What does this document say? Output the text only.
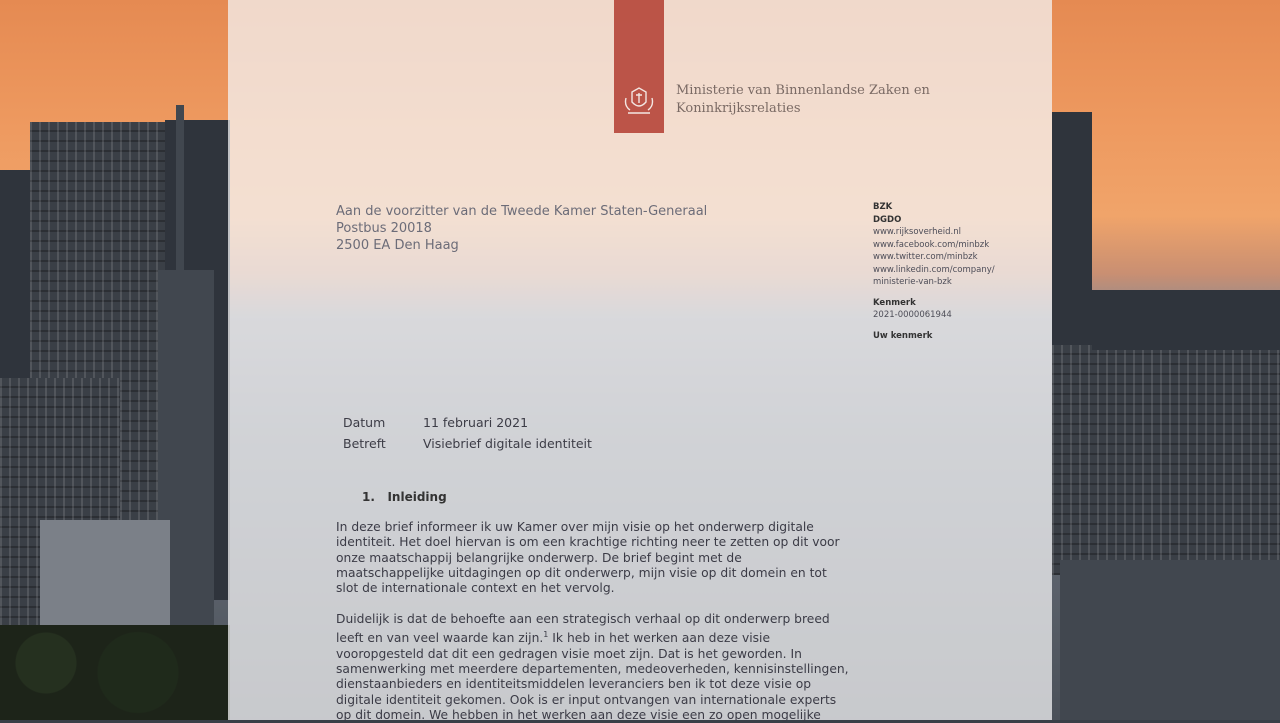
Ministerie van Binnenlandse Zaken en
Koninkrijksrelaties
Aan de voorzitter van de Tweede Kamer Staten-Generaal
Postbus 20018
2500 EA Den Haag
BZK
DGDO
www.rijksoverheid.nl
www.facebook.com/minbzk
www.twitter.com/minbzk
www.linkedin.com/company/
ministerie-van-bzk
Kenmerk
2021-0000061944
Uw kenmerk
Datum	11 februari 2021
Betreft	Visiebrief digitale identiteit
1. Inleiding
In deze brief informeer ik uw Kamer over mijn visie op het onderwerp digitale
identiteit. Het doel hiervan is om een krachtige richting neer te zetten op dit voor
onze maatschappij belangrijke onderwerp. De brief begint met de
maatschappelijke uitdagingen op dit onderwerp, mijn visie op dit domein en tot
slot de internationale context en het vervolg.
Duidelijk is dat de behoefte aan een strategisch verhaal op dit onderwerp breed
leeft en van veel waarde kan zijn.$^1$ Ik heb in het werken aan deze visie
vooropgesteld dat dit een gedragen visie moet zijn. Dat is het geworden. In
samenwerking met meerdere departementen, medeoverheden, kennisinstellingen,
dienstaanbieders en identiteitsmiddelen leveranciers ben ik tot deze visie op
digitale identiteit gekomen. Ook is er input ontvangen van internationale experts
op dit domein. We hebben in het werken aan deze visie een zo open mogelijke
